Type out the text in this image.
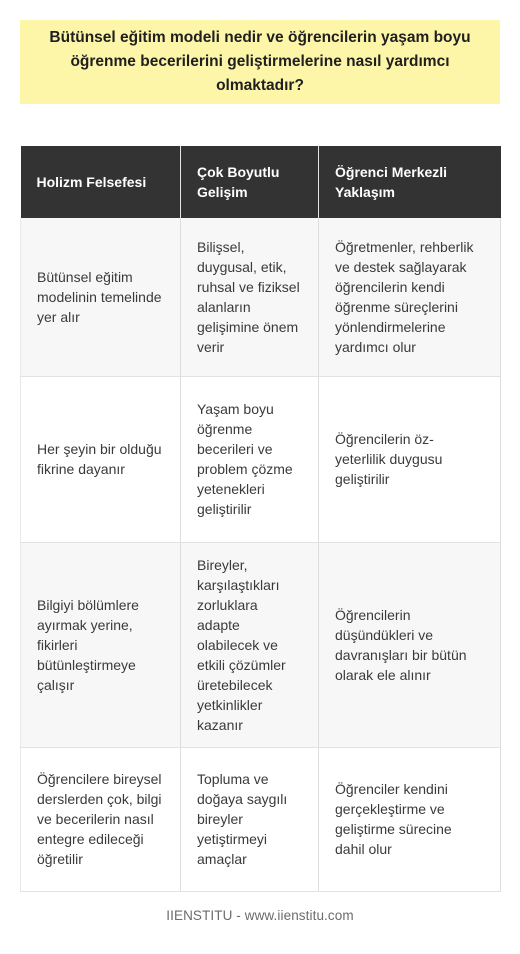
Bütünsel eğitim modeli nedir ve öğrencilerin yaşam boyu öğrenme becerilerini geliştirmelerine nasıl yardımcı olmaktadır?
Holizm Felsefesi	Çok Boyutlu Gelişim	Öğrenci Merkezli Yaklaşım
Bütünsel eğitim modelinin temelinde yer alır	Bilişsel, duygusal, etik, ruhsal ve fiziksel alanların gelişimine önem verir	Öğretmenler, rehberlik ve destek sağlayarak öğrencilerin kendi öğrenme süreçlerini yönlendirmelerine yardımcı olur
Her şeyin bir olduğu fikrine dayanır	Yaşam boyu öğrenme becerileri ve problem çözme yetenekleri geliştirilir	Öğrencilerin öz-yeterlilik duygusu geliştirilir
Bilgiyi bölümlere ayırmak yerine, fikirleri bütünleştirmeye çalışır	Bireyler, karşılaştıkları zorluklara adapte olabilecek ve etkili çözümler üretebilecek yetkinlikler kazanır	Öğrencilerin düşündükleri ve davranışları bir bütün olarak ele alınır
Öğrencilere bireysel derslerden çok, bilgi ve becerilerin nasıl entegre edileceği öğretilir	Topluma ve doğaya saygılı bireyler yetiştirmeyi amaçlar	Öğrenciler kendini gerçekleştirme ve geliştirme sürecine dahil olur
IIENSTITU - www.iienstitu.com
